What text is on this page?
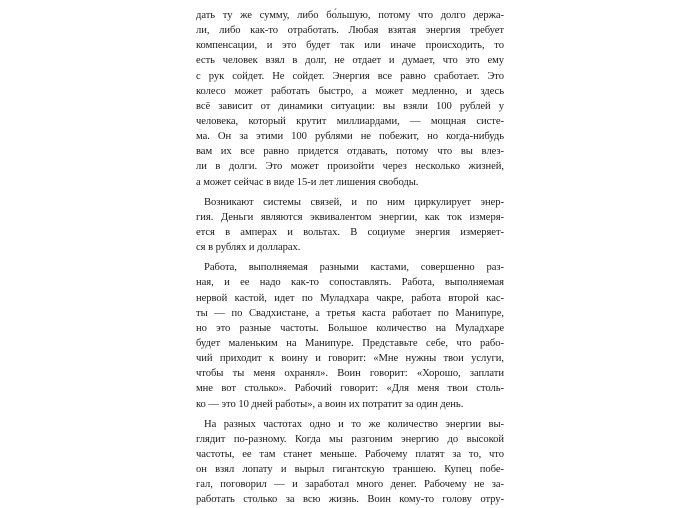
дать ту же сумму, либо бо́льшую, потому что долго держа-
ли, либо как-то отработать. Любая взятая энергия требует
компенсации, и это будет так или иначе происходить, то
есть человек взял в долг, не отдает и думает, что это ему
с рук сойдет. Не сойдет. Энергия все равно сработает. Это
колесо может работать быстро, а может медленно, и здесь
всё зависит от динамики ситуации: вы взяли 100 рублей у
человека, который крутит миллиардами, — мощная систе-
ма. Он за этими 100 рублями не побежит, но когда-нибудь
вам их все равно придется отдавать, потому что вы влез-
ли в долги. Это может произойти через несколько жизней,
а может сейчас в виде 15-и лет лишения свободы.
Возникают системы связей, и по ним циркулирует энер-
гия. Деньги являются эквивалентом энергии, как ток измеря-
ется в амперах и вольтах. В социуме энергия измеряет-
ся в рублях и долларах.
Работа, выполняемая разными кастами, совершенно раз-
ная, и ее надо как-то сопоставлять. Работа, выполняемая
нервой кастой, идет по Муладхара чакре, работа второй кас-
ты — по Свадхистане, а третья каста работает по Манипуре,
но это разные частоты. Большое количество на Муладхаре
будет маленьким на Манипуре. Представьте себе, что рабо-
чий приходит к воину и говорит: «Мне нужны твои услуги,
чтобы ты меня охранял». Воин говорит: «Хорошо, заплати
мне вот столько». Рабочий говорит: «Для меня твои столь-
ко — это 10 дней работы», а воин их потратит за один день.
На разных частотах одно и то же количество энергии вы-
глядит по-разному. Когда мы разгоним энергию до высокой
частоты, ее там станет меньше. Рабочему платят за то, что
он взял лопату и вырыл гигантскую траншею. Купец побе-
гал, поговорил — и заработал много денег. Рабочему не за-
работать столько за всю жизнь. Воин кому-то голову отру-
